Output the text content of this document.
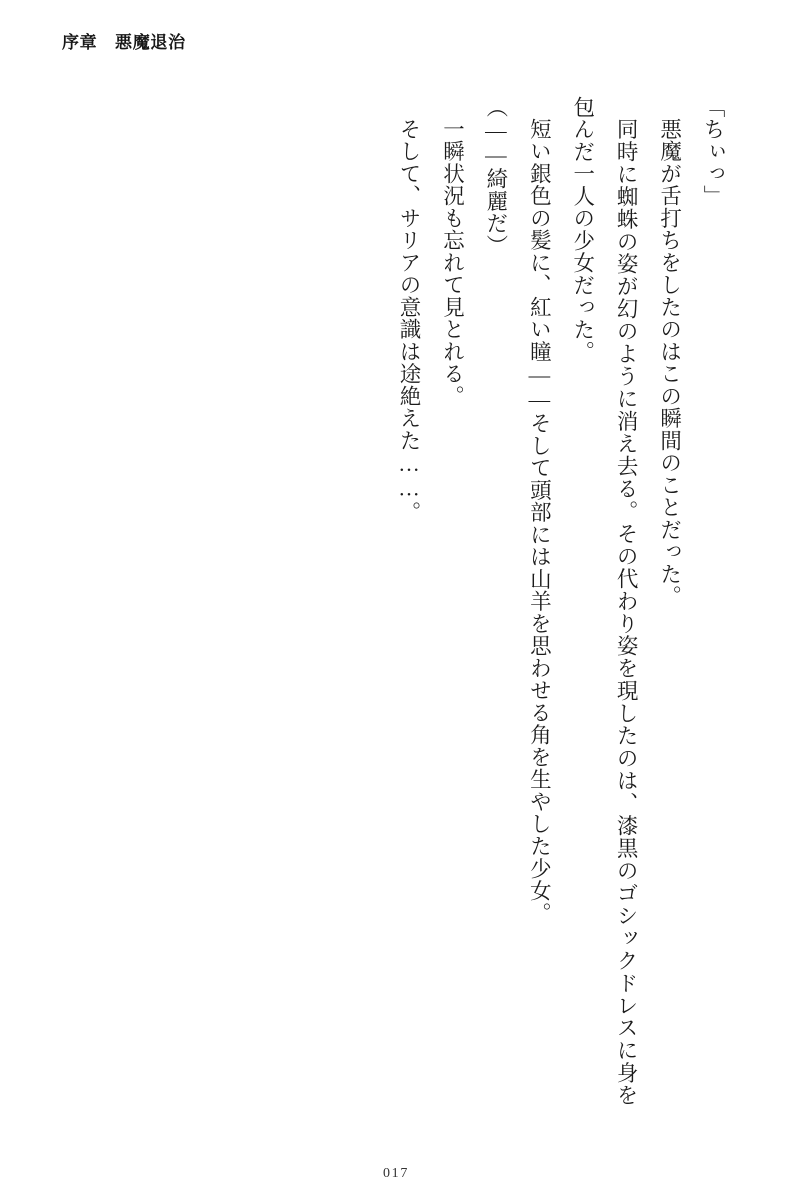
序章　悪魔退治

「ちぃっ」

悪魔が舌打ちをしたのはこの瞬間のことだった。

同時に蜘蛛の姿が幻のように消え去る。その代わり姿を現したのは、漆黒のゴシックドレスに身を包んだ一人の少女だった。

短い銀色の髪に、紅い瞳――そして頭部には山羊を思わせる角を生やした少女。

（――綺麗だ）

一瞬状況も忘れて見とれる。

そして、サリアの意識は途絶えた……。

017
